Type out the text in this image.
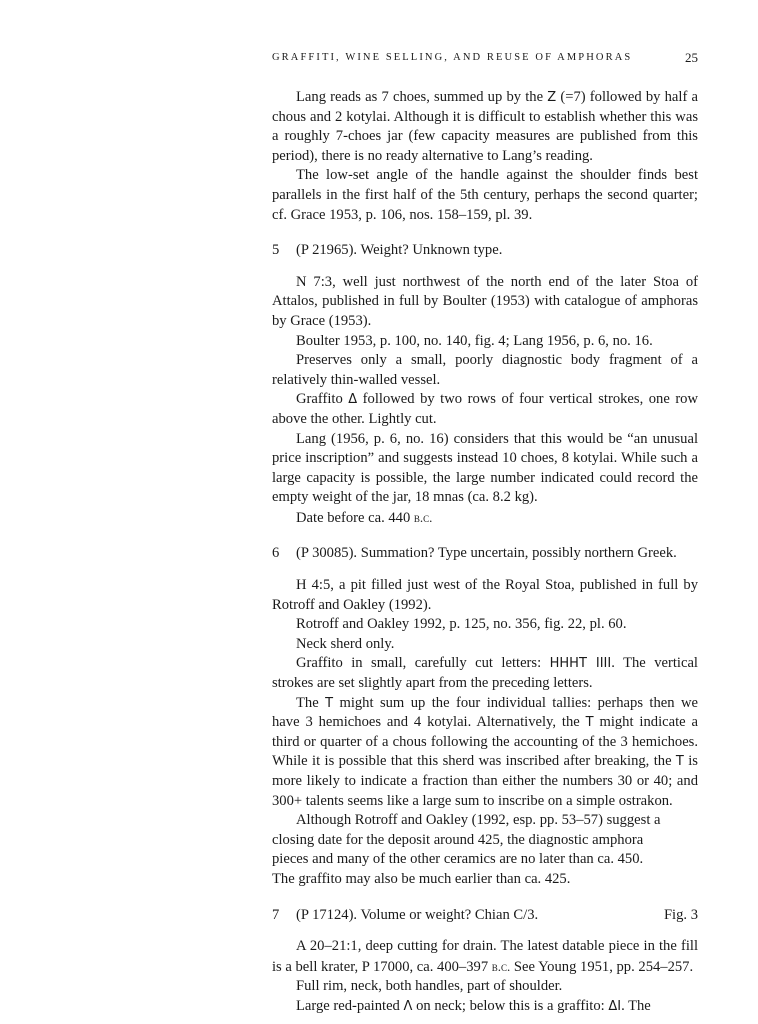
GRAFFITI, WINE SELLING, AND REUSE OF AMPHORAS	25

Lang reads as 7 choes, summed up by the Z (=7) followed by half a chous and 2 kotylai. Although it is difficult to establish whether this was a roughly 7-choes jar (few capacity measures are published from this period), there is no ready alternative to Lang’s reading.

The low-set angle of the handle against the shoulder finds best parallels in the first half of the 5th century, perhaps the second quarter; cf. Grace 1953, p. 106, nos. 158–159, pl. 39.

5	(P 21965). Weight? Unknown type.

N 7:3, well just northwest of the north end of the later Stoa of Attalos, published in full by Boulter (1953) with catalogue of amphoras by Grace (1953).

Boulter 1953, p. 100, no. 140, fig. 4; Lang 1956, p. 6, no. 16.

Preserves only a small, poorly diagnostic body fragment of a relatively thin-walled vessel.

Graffito Δ followed by two rows of four vertical strokes, one row above the other. Lightly cut.

Lang (1956, p. 6, no. 16) considers that this would be “an unusual price inscription” and suggests instead 10 choes, 8 kotylai. While such a large capacity is possible, the large number indicated could record the empty weight of the jar, 18 mnas (ca. 8.2 kg).

Date before ca. 440 b.c.

6	(P 30085). Summation? Type uncertain, possibly northern Greek.

H 4:5, a pit filled just west of the Royal Stoa, published in full by Rotroff and Oakley (1992).

Rotroff and Oakley 1992, p. 125, no. 356, fig. 22, pl. 60.

Neck sherd only.

Graffito in small, carefully cut letters: HHHT IIII. The vertical strokes are set slightly apart from the preceding letters.

The T might sum up the four individual tallies: perhaps then we have 3 hemichoes and 4 kotylai. Alternatively, the T might indicate a third or quarter of a chous following the accounting of the 3 hemichoes. While it is possible that this sherd was inscribed after breaking, the T is more likely to indicate a fraction than either the numbers 30 or 40; and 300+ talents seems like a large sum to inscribe on a simple ostrakon.

Although Rotroff and Oakley (1992, esp. pp. 53–57) suggest a
closing date for the deposit around 425, the diagnostic amphora
pieces and many of the other ceramics are no later than ca. 450.
The graffito may also be much earlier than ca. 425.
7	(P 17124). Volume or weight? Chian C/3.	Fig. 3

A 20–21:1, deep cutting for drain. The latest datable piece in the fill is a bell krater, P 17000, ca. 400–397 b.c. See Young 1951, pp. 254–257.

Full rim, neck, both handles, part of shoulder.

Large red-painted Λ on neck; below this is a graffito: ΔI. The
